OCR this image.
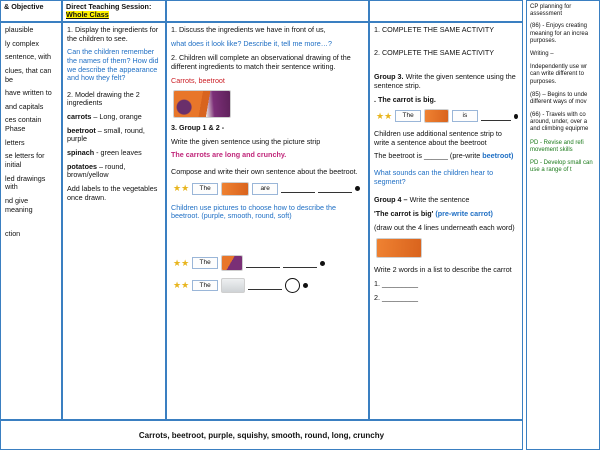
& Objective	Direct Teaching Session:
Whole Class

plausible

ly complex

sentence, with

clues, that can be

have written to

and capitals

ces contain Phase

letters

se letters for initial

led drawings with

nd give meaning

ction

1. Display the ingredients for the children to see.

Can the children remember the names of them? How did we describe the appearance and how they felt?

2. Model drawing the 2 ingredients

carrots – Long, orange

beetroot – small, round, purple

spinach - green leaves

potatoes – round, brown/yellow

Add labels to the vegetables once drawn.

1. Discuss the ingredients we have in front of us,

what does it look like? Describe it, tell me more…?

2. Children will complete an observational drawing of the different ingredients to match their sentence writing.

Carrots, beetroot

3. Group 1 & 2 -

Write the given sentence using the picture strip

The carrots are long and crunchy.

Compose and write their own sentence about the beetroot.

★★	The	are

Children use pictures to choose how to describe the beetroot. (purple, smooth, round, soft)

★★	The
★★	The

1. COMPLETE THE SAME ACTIVITY

2. COMPLETE THE SAME ACTIVITY

Group 3. Write the given sentence using the sentence strip.

. The carrot is big.

★★	The	is

Children use additional sentence strip to write a sentence about the beetroot

The beetroot is ______ (pre-write beetroot)

What sounds can the children hear to segment?

Group 4 – Write the sentence

'The carrot is big' (pre-write carrot)

(draw out the 4 lines underneath each word)

Write 2 words in a list to describe the carrot

1. _________

2. _________

Carrots, beetroot, purple, squishy, smooth, round, long, crunchy
CP planning for assessment

(86) - Enjoys creating meaning for an increa purposes.

Writing –

Independently use wr can write different to purposes.

(85) – Begins to unde different ways of mov

(66) - Travels with co around, under, over a and climbing equipme

PD - Revise and refi movement skills

PD - Develop small can use a range of t
